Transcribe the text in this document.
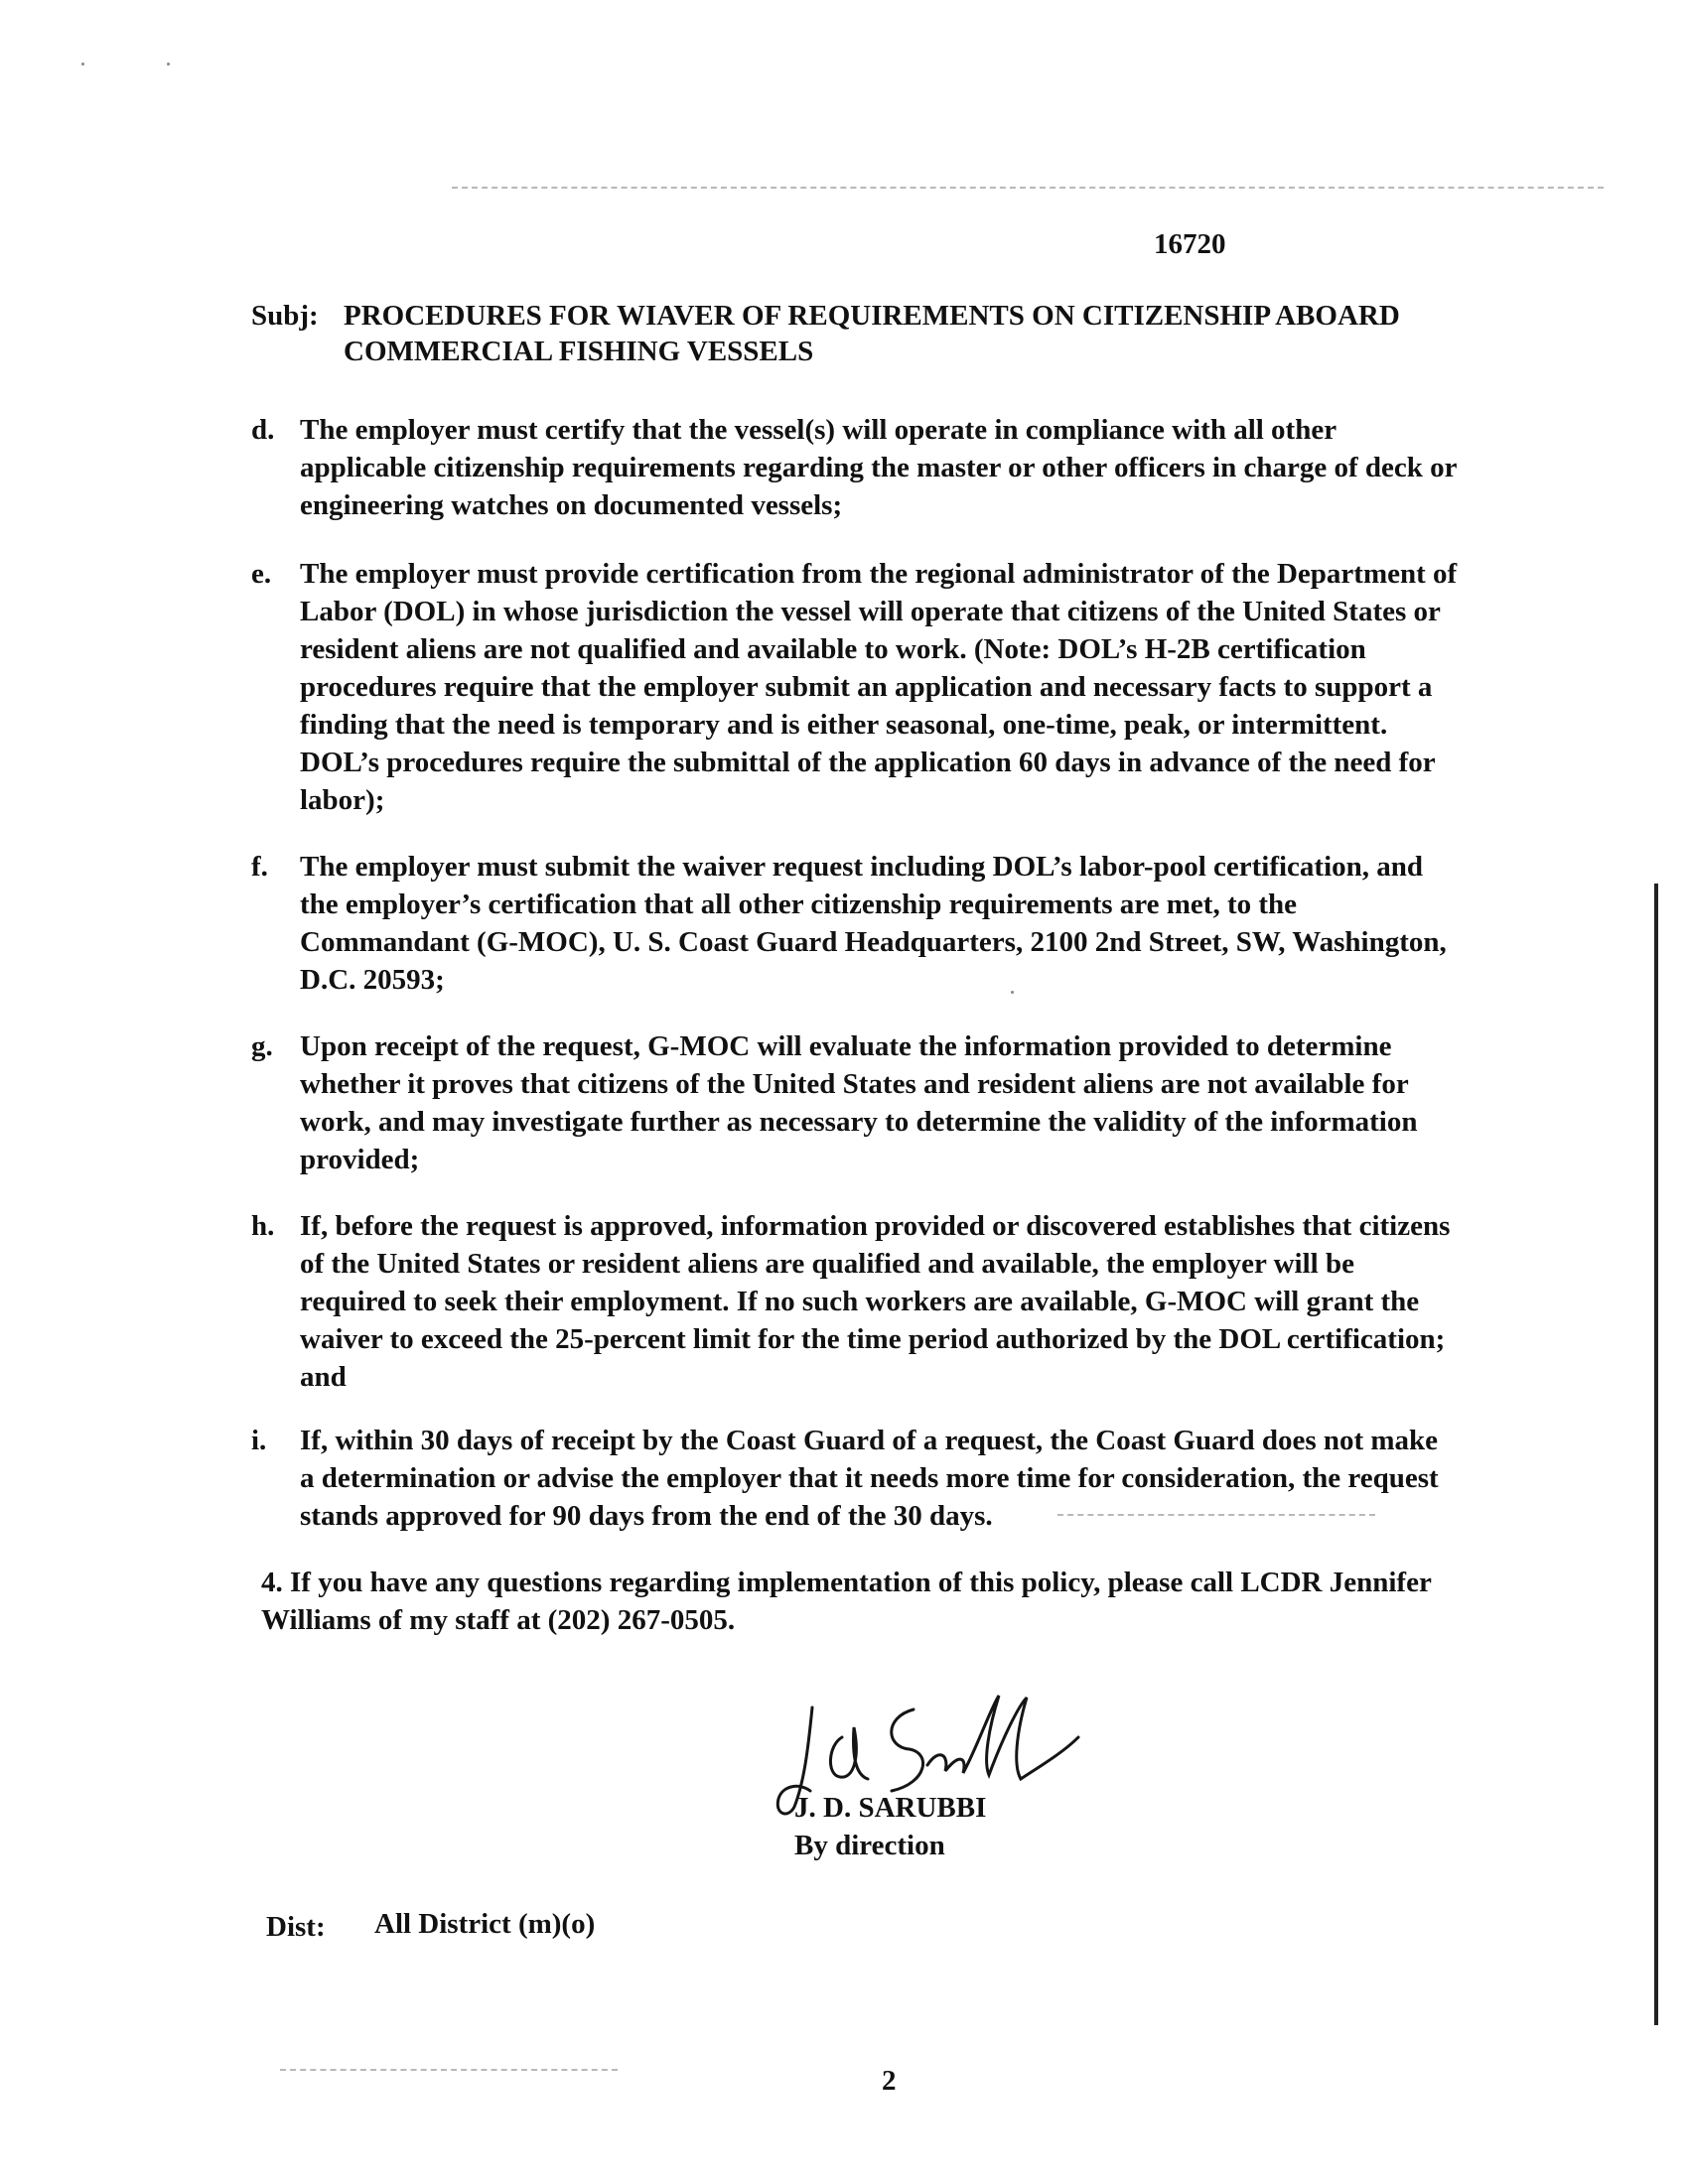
16720
Subj: PROCEDURES FOR WIAVER OF REQUIREMENTS ON CITIZENSHIP ABOARD
COMMERCIAL FISHING VESSELS
d. The employer must certify that the vessel(s) will operate in compliance with all other
applicable citizenship requirements regarding the master or other officers in charge of deck or
engineering watches on documented vessels;
e. The employer must provide certification from the regional administrator of the Department of
Labor (DOL) in whose jurisdiction the vessel will operate that citizens of the United States or
resident aliens are not qualified and available to work. (Note: DOL’s H-2B certification
procedures require that the employer submit an application and necessary facts to support a
finding that the need is temporary and is either seasonal, one-time, peak, or intermittent.
DOL’s procedures require the submittal of the application 60 days in advance of the need for
labor);
f.	The employer must submit the waiver request including DOL’s labor-pool certification, and
the employer’s certification that all other citizenship requirements are met, to the
Commandant (G-MOC), U. S. Coast Guard Headquarters, 2100 2nd Street, SW, Washington,
D.C. 20593;
g. Upon receipt of the request, G-MOC will evaluate the information provided to determine
whether it proves that citizens of the United States and resident aliens are not available for
work, and may investigate further as necessary to determine the validity of the information
provided;
h. If, before the request is approved, information provided or discovered establishes that citizens
of the United States or resident aliens are qualified and available, the employer will be
required to seek their employment. If no such workers are available, G-MOC will grant the
waiver to exceed the 25-percent limit for the time period authorized by the DOL certification;
and
i.	If, within 30 days of receipt by the Coast Guard of a request, the Coast Guard does not make
a determination or advise the employer that it needs more time for consideration, the request
stands approved for 90 days from the end of the 30 days.
4. If you have any questions regarding implementation of this policy, please call LCDR Jennifer
Williams of my staff at (202) 267-0505.
J. D. SARUBBI
By direction
Dist: All District (m)(o)
2
